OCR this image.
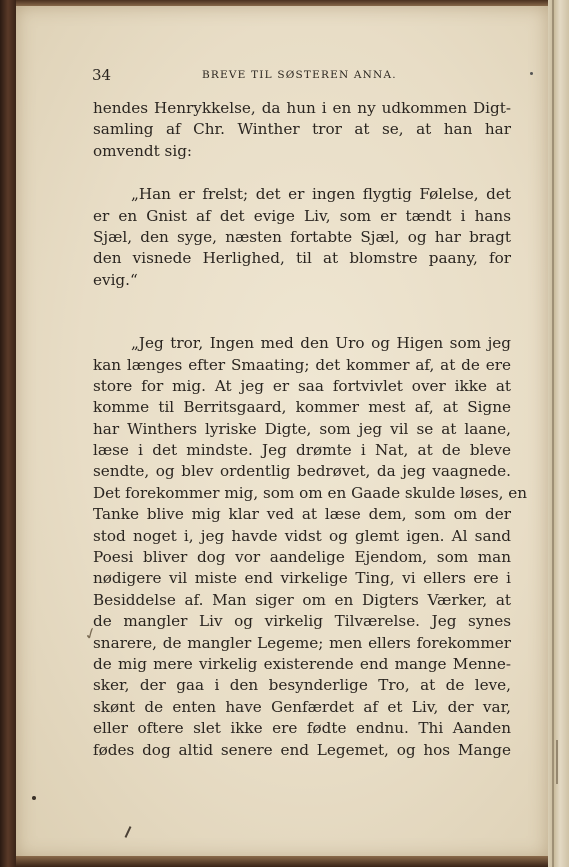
34	BREVE TIL SØSTEREN ANNA.
hendes Henrykkelse, da hun i en ny udkommen Digt-
samling af Chr. Winther tror at se, at han har
omvendt sig:
„Han er frelst; det er ingen flygtig Følelse, det
er en Gnist af det evige Liv, som er tændt i hans
Sjæl, den syge, næsten fortabte Sjæl, og har bragt
den visnede Herlighed, til at blomstre paany, for
evig.“
„Jeg tror, Ingen med den Uro og Higen som jeg
kan længes efter Smaating; det kommer af, at de ere
store for mig. At jeg er saa fortvivlet over ikke at
komme til Berritsgaard, kommer mest af, at Signe
har Winthers lyriske Digte, som jeg vil se at laane,
læse i det mindste. Jeg drømte i Nat, at de bleve
sendte, og blev ordentlig bedrøvet, da jeg vaagnede.
Det forekommer mig, som om en Gaade skulde løses, en
Tanke blive mig klar ved at læse dem, som om der
stod noget i, jeg havde vidst og glemt igen. Al sand
Poesi bliver dog vor aandelige Ejendom, som man
nødigere vil miste end virkelige Ting, vi ellers ere i
Besiddelse af. Man siger om en Digters Værker, at
de mangler Liv og virkelig Tilværelse. Jeg synes
snarere, de mangler Legeme; men ellers forekommer
de mig mere virkelig existerende end mange Menne-
sker, der gaa i den besynderlige Tro, at de leve,
skønt de enten have Genfærdet af et Liv, der var,
eller oftere slet ikke ere fødte endnu. Thi Aanden
fødes dog altid senere end Legemet, og hos Mange
✓
